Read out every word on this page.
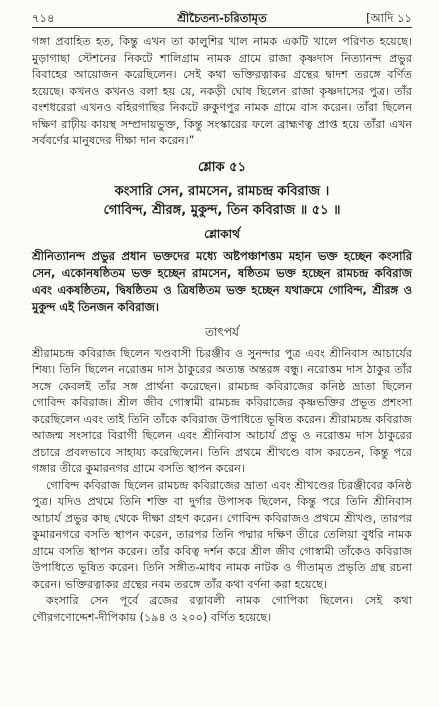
৭১৪	শ্রীচৈতন্য-চরিতামৃত	[আদি ১১

গঙ্গা প্রবাহিত হত, কিন্তু এখন তা কালুশির খাল নামক একটি খালে পরিণত হয়েছে। মুড়াগাছা স্টেশনের নিকটে শালিগ্রাম নামক গ্রামে রাজা কৃষ্ণদাস নিত্যানন্দ প্রভুর বিবাহের আয়োজন করেছিলেন। সেই কথা ভক্তিরত্নাকর গ্রন্থের দ্বাদশ তরঙ্গে বর্ণিত হয়েছে। কখনও কখনও বলা হয় যে, নকড়ী ঘোষ ছিলেন রাজা কৃষ্ণদাসের পুত্র। তাঁর বংশধরেরা এখনও বহিরগাছির নিকটে রুকুণপুর নামক গ্রামে বাস করেন। তাঁরা ছিলেন দক্ষিণ রাঢ়ীয় কায়স্থ সম্প্রদায়ভুক্ত, কিন্তু সংস্কারের ফলে ব্রাহ্মণত্ব প্রাপ্ত হয়ে তাঁরা এখন সর্ববর্ণের মানুষদের দীক্ষা দান করেন।”

শ্লোক ৫১

কংসারি সেন, রামসেন, রামচন্দ্র কবিরাজ ।

গোবিন্দ, শ্রীরঙ্গ, মুকুন্দ, তিন কবিরাজ ॥ ৫১ ॥

শ্লোকার্থ

শ্রীনিত্যানন্দ প্রভুর প্রধান ভক্তদের মধ্যে অষ্টপঞ্চাশত্তম মহান ভক্ত হচ্ছেন কংসারি সেন, একোনষষ্ঠিতম ভক্ত হচ্ছেন রামসেন, ষষ্ঠিতম ভক্ত হচ্ছেন রামচন্দ্র কবিরাজ এবং একষষ্ঠিতম, দ্বিষষ্ঠিতম ও ত্রিষষ্ঠিতম ভক্ত হচ্ছেন যথাক্রমে গোবিন্দ, শ্রীরঙ্গ ও মুকুন্দ এই তিনজন কবিরাজ।

তাৎপর্য

শ্রীরামচন্দ্র কবিরাজ ছিলেন খণ্ডবাসী চিরঞ্জীব ও সুনন্দার পুত্র এবং শ্রীনিবাস আচার্যের শিষ্য। তিনি ছিলেন নরোত্তম দাস ঠাকুরের অত্যন্ত অন্তরঙ্গ বন্ধু। নরোত্তম দাস ঠাকুর তাঁর সঙ্গে কেবলই তাঁর সঙ্গ প্রার্থনা করেছেন। রামচন্দ্র কবিরাজের কনিষ্ঠ ভ্রাতা ছিলেন গোবিন্দ কবিরাজ। শ্রীল জীব গোস্বামী রামচন্দ্র কবিরাজের কৃষ্ণভক্তির প্রভূত প্রশংসা করেছিলেন এবং তাই তিনি তাঁকে কবিরাজ উপাধিতে ভূষিত করেন। শ্রীরামচন্দ্র কবিরাজ আজন্ম সংসারে বিরাগী ছিলেন এবং শ্রীনিবাস আচার্য প্রভু ও নরোত্তম দাস ঠাকুরের প্রচারে প্রবলভাবে সাহায্য করেছিলেন। তিনি প্রথমে শ্রীখণ্ডে বাস করতেন, কিন্তু পরে গঙ্গার তীরে কুমারনগর গ্রামে বসতি স্থাপন করেন।

গোবিন্দ কবিরাজ ছিলেন রামচন্দ্র কবিরাজের ভ্রাতা এবং শ্রীখণ্ডের চিরঞ্জীবের কনিষ্ঠ পুত্র। যদিও প্রথমে তিনি শক্তি বা দুর্গার উপাসক ছিলেন, কিন্তু পরে তিনি শ্রীনিবাস আচার্য প্রভুর কাছ থেকে দীক্ষা গ্রহণ করেন। গোবিন্দ কবিরাজও প্রথমে শ্রীখণ্ড, তারপর কুমারনগরে বসতি স্থাপন করেন, তারপর তিনি পদ্মার দক্ষিণ তীরে তেলিয়া বুধরি নামক গ্রামে বসতি স্থাপন করেন। তাঁর কবিত্ব দর্শন করে শ্রীল জীব গোস্বামী তাঁকেও কবিরাজ উপাধিতে ভূষিত করেন। তিনি সঙ্গীত-মাধব নামক নাটক ও গীতামৃত প্রভৃতি গ্রন্থ রচনা করেন। ভক্তিরত্নাকর গ্রন্থের নবম তরঙ্গে তাঁর কথা বর্ণনা করা হয়েছে।

কংসারি সেন পূর্বে ব্রজের রত্নাবলী নামক গোপিকা ছিলেন। সেই কথা গৌরগণোদ্দেশ-দীপিকায় (১৯৪ ও ২০০) বর্ণিত হয়েছে।
